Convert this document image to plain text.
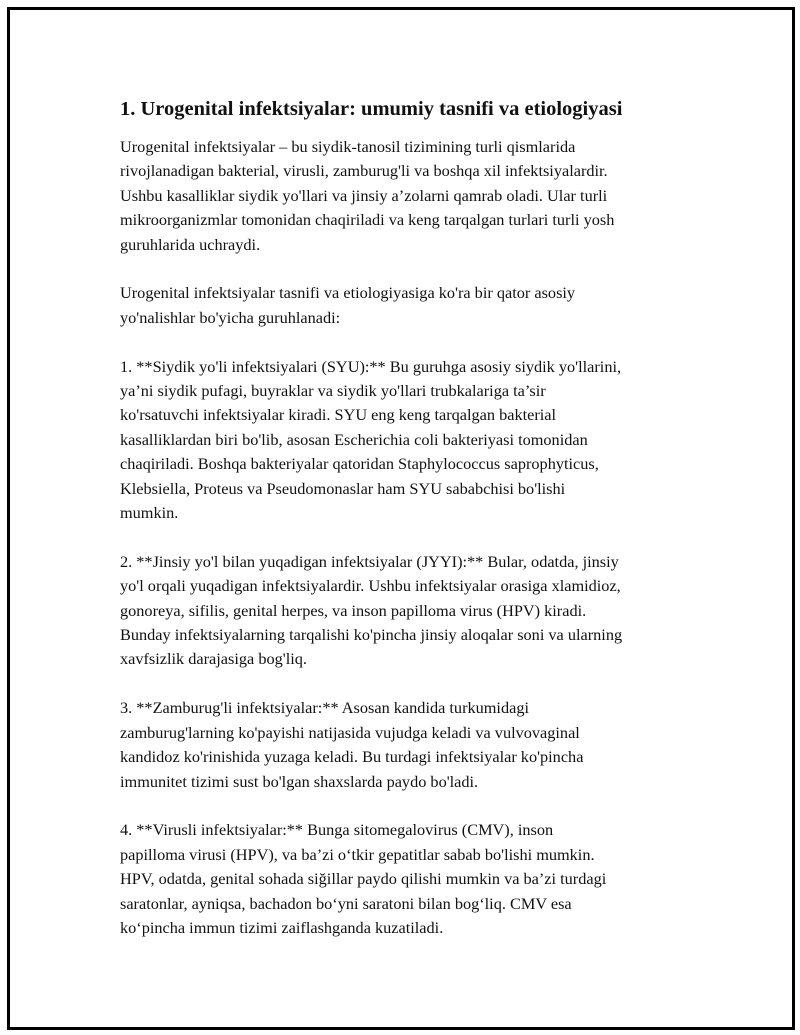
1. Urogenital infektsiyalar: umumiy tasnifi va etiologiyasi
Urogenital infektsiyalar – bu siydik-tanosil tizimining turli qismlarida
rivojlanadigan bakterial, virusli, zamburug'li va boshqa xil infektsiyalardir.
Ushbu kasalliklar siydik yo'llari va jinsiy a’zolarni qamrab oladi. Ular turli
mikroorganizmlar tomonidan chaqiriladi va keng tarqalgan turlari turli yosh
guruhlarida uchraydi.
Urogenital infektsiyalar tasnifi va etiologiyasiga ko'ra bir qator asosiy
yo'nalishlar bo'yicha guruhlanadi:
1. **Siydik yo'li infektsiyalari (SYU):** Bu guruhga asosiy siydik yo'llarini,
ya’ni siydik pufagi, buyraklar va siydik yo'llari trubkalariga ta’sir
ko'rsatuvchi infektsiyalar kiradi. SYU eng keng tarqalgan bakterial
kasalliklardan biri bo'lib, asosan Escherichia coli bakteriyasi tomonidan
chaqiriladi. Boshqa bakteriyalar qatoridan Staphylococcus saprophyticus,
Klebsiella, Proteus va Pseudomonaslar ham SYU sababchisi bo'lishi
mumkin.
2. **Jinsiy yo'l bilan yuqadigan infektsiyalar (JYYI):** Bular, odatda, jinsiy
yo'l orqali yuqadigan infektsiyalardir. Ushbu infektsiyalar orasiga xlamidioz,
gonoreya, sifilis, genital herpes, va inson papilloma virus (HPV) kiradi.
Bunday infektsiyalarning tarqalishi ko'pincha jinsiy aloqalar soni va ularning
xavfsizlik darajasiga bog'liq.
3. **Zamburug'li infektsiyalar:** Asosan kandida turkumidagi
zamburug'larning ko'payishi natijasida vujudga keladi va vulvovaginal
kandidoz ko'rinishida yuzaga keladi. Bu turdagi infektsiyalar ko'pincha
immunitet tizimi sust bo'lgan shaxslarda paydo bo'ladi.
4. **Virusli infektsiyalar:** Bunga sitomegalovirus (CMV), inson
papilloma virusi (HPV), va ba’zi o‘tkir gepatitlar sabab bo'lishi mumkin.
HPV, odatda, genital sohada siğillar paydo qilishi mumkin va ba’zi turdagi
saratonlar, ayniqsa, bachadon bo‘yni saratoni bilan bog‘liq. CMV esa
ko‘pincha immun tizimi zaiflashganda kuzatiladi.
